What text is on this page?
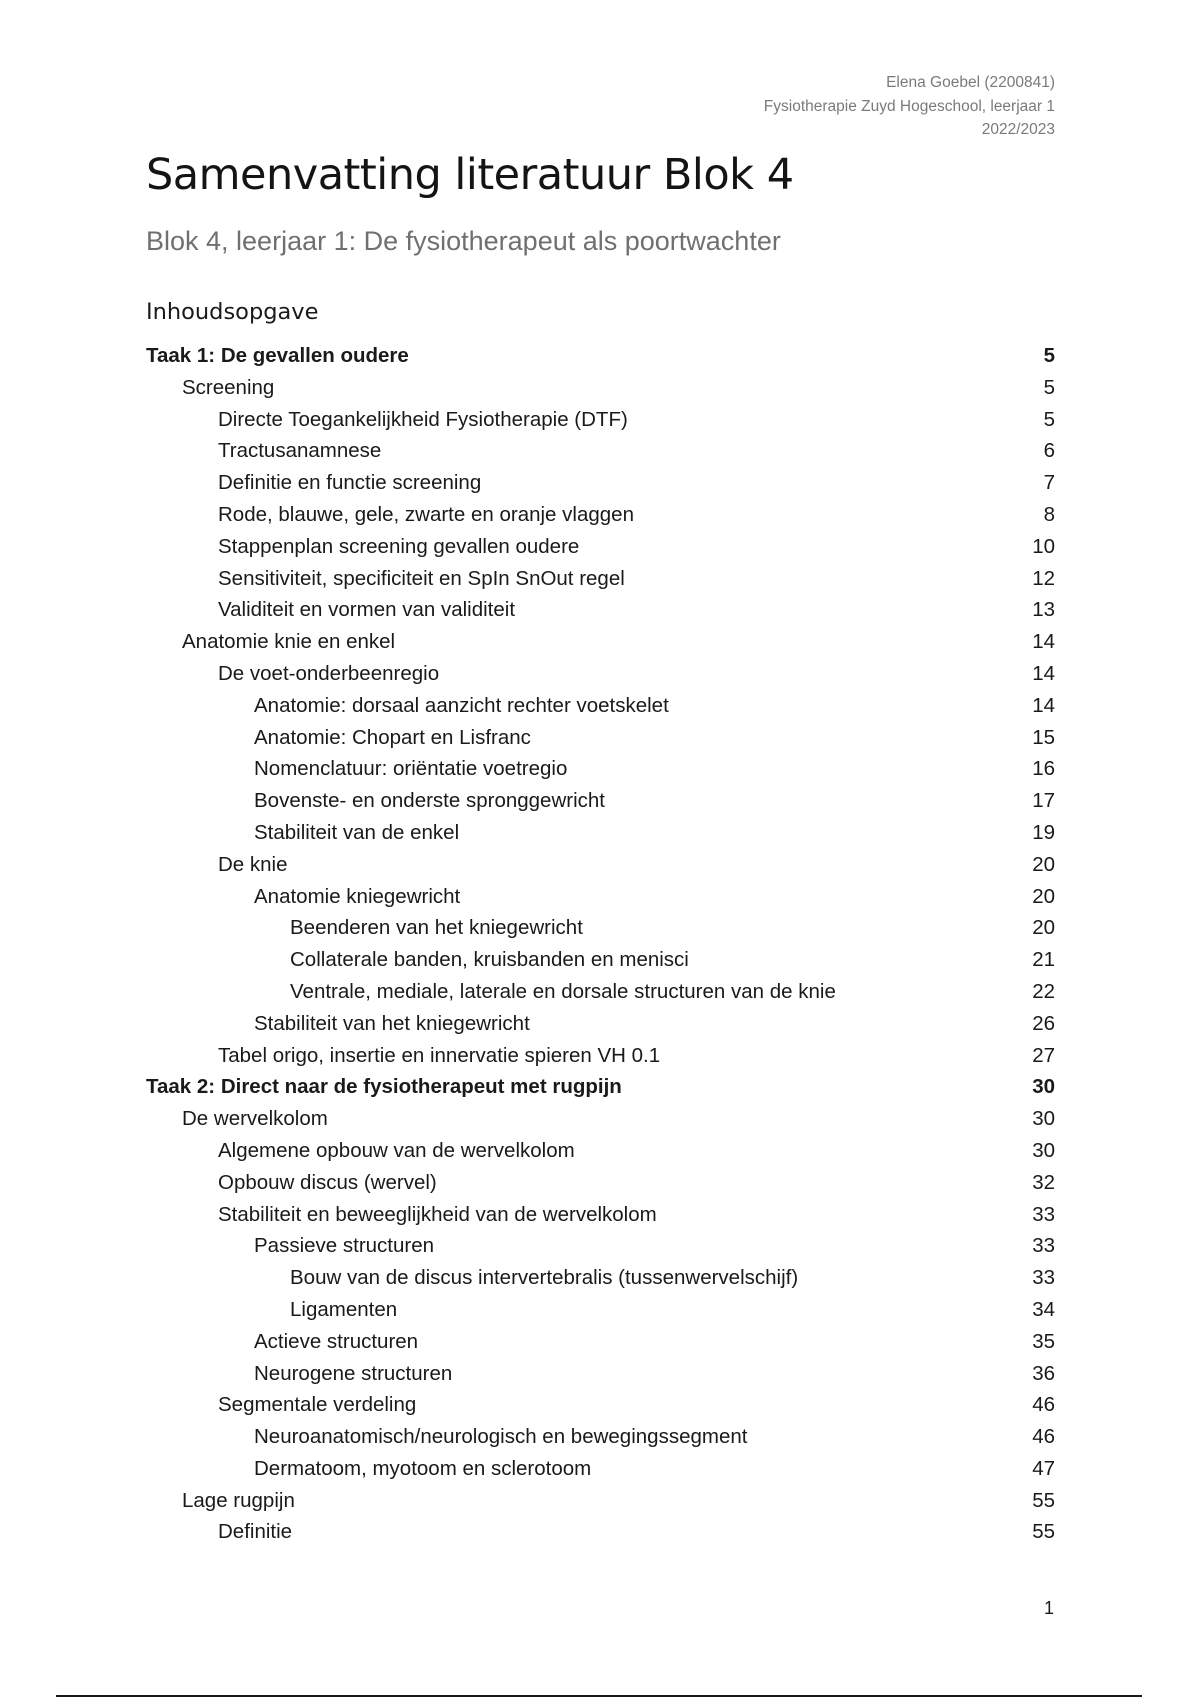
Elena Goebel (2200841)
Fysiotherapie Zuyd Hogeschool, leerjaar 1
2022/2023
Samenvatting literatuur Blok 4
Blok 4, leerjaar 1: De fysiotherapeut als poortwachter
Inhoudsopgave
Taak 1: De gevallen oudere	5
Screening	5
Directe Toegankelijkheid Fysiotherapie (DTF)	5
Tractusanamnese	6
Definitie en functie screening	7
Rode, blauwe, gele, zwarte en oranje vlaggen	8
Stappenplan screening gevallen oudere	10
Sensitiviteit, specificiteit en SpIn SnOut regel	12
Validiteit en vormen van validiteit	13
Anatomie knie en enkel	14
De voet-onderbeenregio	14
Anatomie: dorsaal aanzicht rechter voetskelet	14
Anatomie: Chopart en Lisfranc	15
Nomenclatuur: oriëntatie voetregio	16
Bovenste- en onderste spronggewricht	17
Stabiliteit van de enkel	19
De knie	20
Anatomie kniegewricht	20
Beenderen van het kniegewricht	20
Collaterale banden, kruisbanden en menisci	21
Ventrale, mediale, laterale en dorsale structuren van de knie	22
Stabiliteit van het kniegewricht	26
Tabel origo, insertie en innervatie spieren VH 0.1	27
Taak 2: Direct naar de fysiotherapeut met rugpijn	30
De wervelkolom	30
Algemene opbouw van de wervelkolom	30
Opbouw discus (wervel)	32
Stabiliteit en beweeglijkheid van de wervelkolom	33
Passieve structuren	33
Bouw van de discus intervertebralis (tussenwervelschijf)	33
Ligamenten	34
Actieve structuren	35
Neurogene structuren	36
Segmentale verdeling	46
Neuroanatomisch/neurologisch en bewegingssegment	46
Dermatoom, myotoom en sclerotoom	47
Lage rugpijn	55
Definitie	55
1
